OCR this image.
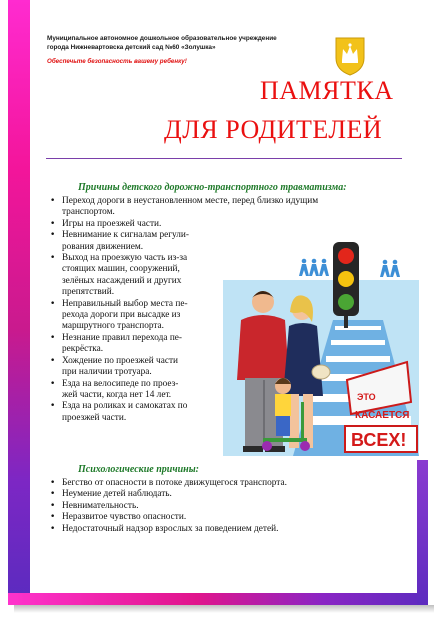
Муниципальное автономное дошкольное образовательное учреждение
города Нижневартовска детский сад №60 «Золушка»
Обеспечьте безопасность вашему ребенку!
ПАМЯТКА
ДЛЯ РОДИТЕЛЕЙ
Причины детского дорожно-транспортного травматизма:
• Переход дороги в неустановленном месте, перед близко идущим
транспортом.
• Игры на проезжей части.
• Невнимание к сигналам регули-
рования движением.
• Выход на проезжую часть из-за
стоящих машин, сооружений,
зелёных насаждений и других
препятствий.
• Неправильный выбор места пе-
рехода дороги при высадке из
маршрутного транспорта.
• Незнание правил перехода пе-
рекрёстка.
• Хождение по проезжей части
при наличии тротуара.
• Езда на велосипеде по проез-
жей части, когда нет 14 лет.
• Езда на роликах и самокатах по
проезжей части.
ЭТО
КАСАЕТСЯ
ВСЕХ!
Психологические причины:
• Бегство от опасности в потоке движущегося транспорта.
• Неумение детей наблюдать.
• Невнимательность.
• Неразвитое чувство опасности.
• Недостаточный надзор взрослых за поведением детей.
